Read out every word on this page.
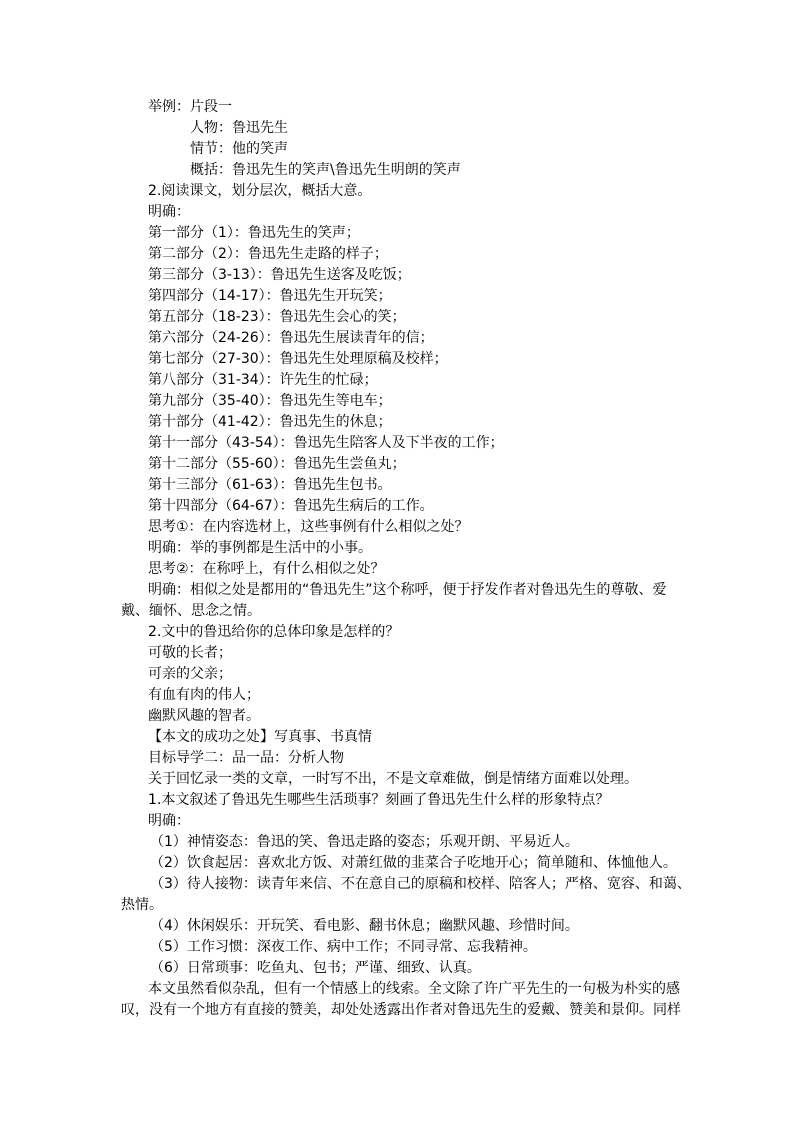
举例：片段一
人物：鲁迅先生
情节：他的笑声
概括：鲁迅先生的笑声\鲁迅先生明朗的笑声
2.阅读课文，划分层次，概括大意。
明确：
第一部分（1）：鲁迅先生的笑声；
第二部分（2）：鲁迅先生走路的样子；
第三部分（3-13）：鲁迅先生送客及吃饭；
第四部分（14-17）：鲁迅先生开玩笑；
第五部分（18-23）：鲁迅先生会心的笑；
第六部分（24-26）：鲁迅先生展读青年的信；
第七部分（27-30）：鲁迅先生处理原稿及校样；
第八部分（31-34）：许先生的忙碌；
第九部分（35-40）：鲁迅先生等电车；
第十部分（41-42）：鲁迅先生的休息；
第十一部分（43-54）：鲁迅先生陪客人及下半夜的工作；
第十二部分（55-60）：鲁迅先生尝鱼丸；
第十三部分（61-63）：鲁迅先生包书。
第十四部分（64-67）：鲁迅先生病后的工作。
思考①：在内容选材上，这些事例有什么相似之处？
明确：举的事例都是生活中的小事。
思考②：在称呼上，有什么相似之处？
明确：相似之处是都用的“鲁迅先生”这个称呼，便于抒发作者对鲁迅先生的尊敬、爱
戴、缅怀、思念之情。
2.文中的鲁迅给你的总体印象是怎样的？
可敬的长者；
可亲的父亲；
有血有肉的伟人；
幽默风趣的智者。
【本文的成功之处】写真事、书真情
目标导学二：品一品：分析人物
关于回忆录一类的文章，一时写不出，不是文章难做，倒是情绪方面难以处理。
1.本文叙述了鲁迅先生哪些生活琐事？刻画了鲁迅先生什么样的形象特点？
明确：
（1）神情姿态：鲁迅的笑、鲁迅走路的姿态；乐观开朗、平易近人。
（2）饮食起居：喜欢北方饭、对萧红做的韭菜合子吃地开心；简单随和、体恤他人。
（3）待人接物：读青年来信、不在意自己的原稿和校样、陪客人；严格、宽容、和蔼、
热情。
（4）休闲娱乐：开玩笑、看电影、翻书休息；幽默风趣、珍惜时间。
（5）工作习惯：深夜工作、病中工作；不同寻常、忘我精神。
（6）日常琐事：吃鱼丸、包书；严谨、细致、认真。
本文虽然看似杂乱，但有一个情感上的线索。全文除了许广平先生的一句极为朴实的感
叹，没有一个地方有直接的赞美，却处处透露出作者对鲁迅先生的爱戴、赞美和景仰。同样
